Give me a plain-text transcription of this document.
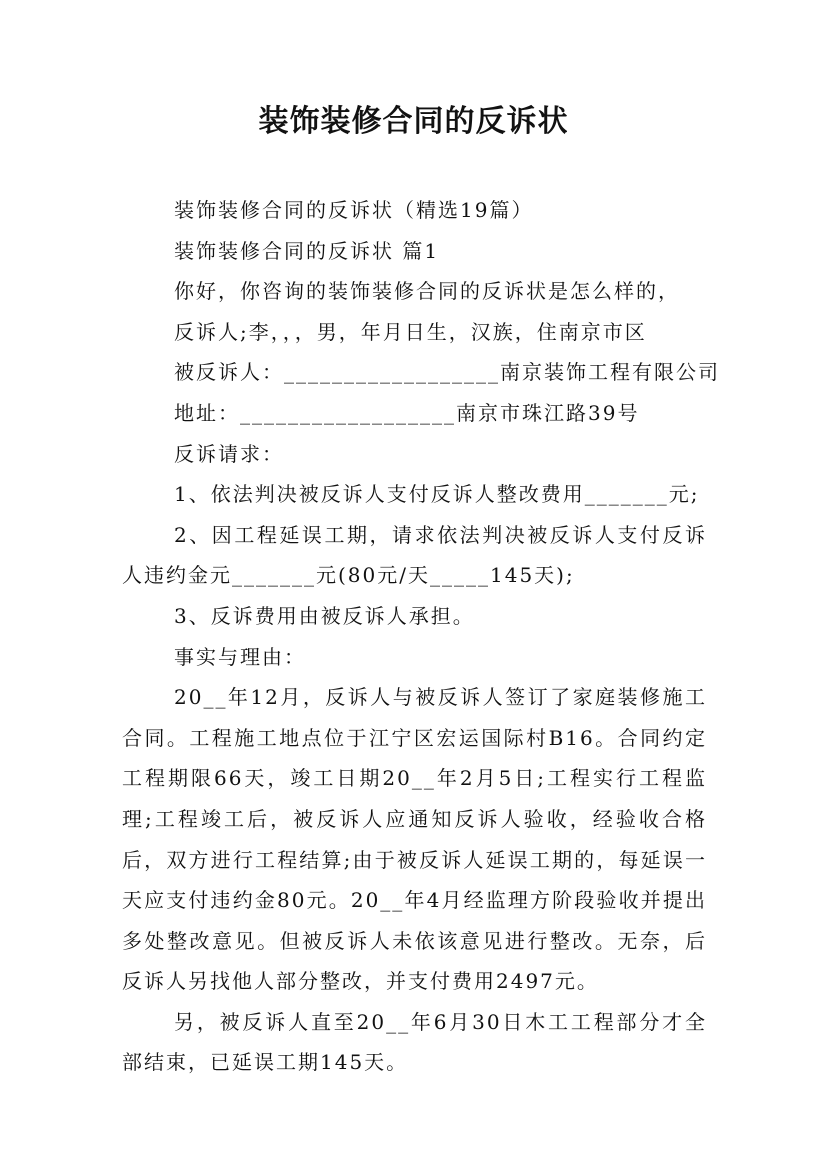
装饰装修合同的反诉状

装饰装修合同的反诉状（精选19篇）

装饰装修合同的反诉状 篇1

你好，你咨询的装饰装修合同的反诉状是怎么样的，

反诉人;李，，，男，年月日生，汉族，住南京市区

被反诉人：__________________南京装饰工程有限公司

地址：__________________南京市珠江路39号

反诉请求：

1、依法判决被反诉人支付反诉人整改费用_______元;

2、因工程延误工期，请求依法判决被反诉人支付反诉人违约金元_______元(80元/天_____145天);

3、反诉费用由被反诉人承担。

事实与理由：

20__年12月，反诉人与被反诉人签订了家庭装修施工合同。工程施工地点位于江宁区宏运国际村B16。合同约定工程期限66天，竣工日期20__年2月5日;工程实行工程监理;工程竣工后，被反诉人应通知反诉人验收，经验收合格后，双方进行工程结算;由于被反诉人延误工期的，每延误一天应支付违约金80元。20__年4月经监理方阶段验收并提出多处整改意见。但被反诉人未依该意见进行整改。无奈，后反诉人另找他人部分整改，并支付费用2497元。

另，被反诉人直至20__年6月30日木工工程部分才全部结束，已延误工期145天。
